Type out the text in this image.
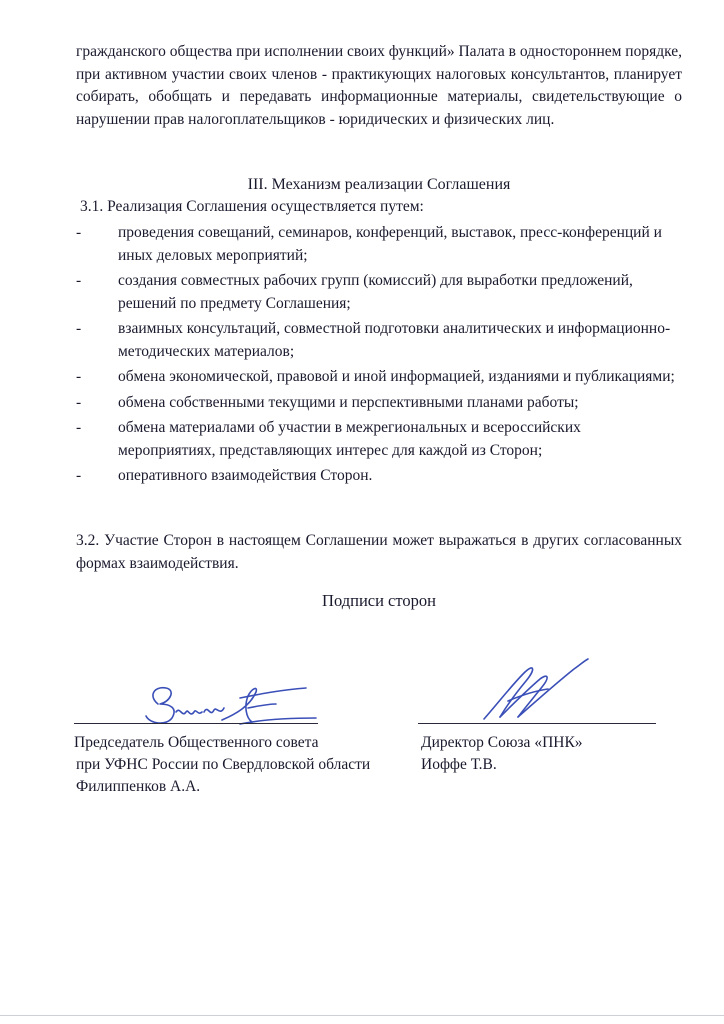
гражданского общества при исполнении своих функций» Палата в одностороннем порядке, при активном участии своих членов - практикующих налоговых консультантов, планирует собирать, обобщать и передавать информационные материалы, свидетельствующие о нарушении прав налогоплательщиков - юридических и физических лиц.

III. Механизм реализации Соглашения

3.1. Реализация Соглашения осуществляется путем:

- проведения совещаний, семинаров, конференций, выставок, пресс-конференций и иных деловых мероприятий;
- создания совместных рабочих групп (комиссий) для выработки предложений, решений по предмету Соглашения;
- взаимных консультаций, совместной подготовки аналитических и информационно- методических материалов;
- обмена экономической, правовой и иной информацией, изданиями и публикациями;
- обмена собственными текущими и перспективными планами работы;
- обмена материалами об участии в межрегиональных и всероссийских мероприятиях, представляющих интерес для каждой из Сторон;
- оперативного взаимодействия Сторон.

3.2. Участие Сторон в настоящем Соглашении может выражаться в других согласованных формах взаимодействия.

Подписи сторон

Председатель Общественного совета
при УФНС России по Свердловской области
Филиппенков А.А.
Директор Союза «ПНК»
Иоффе Т.В.
